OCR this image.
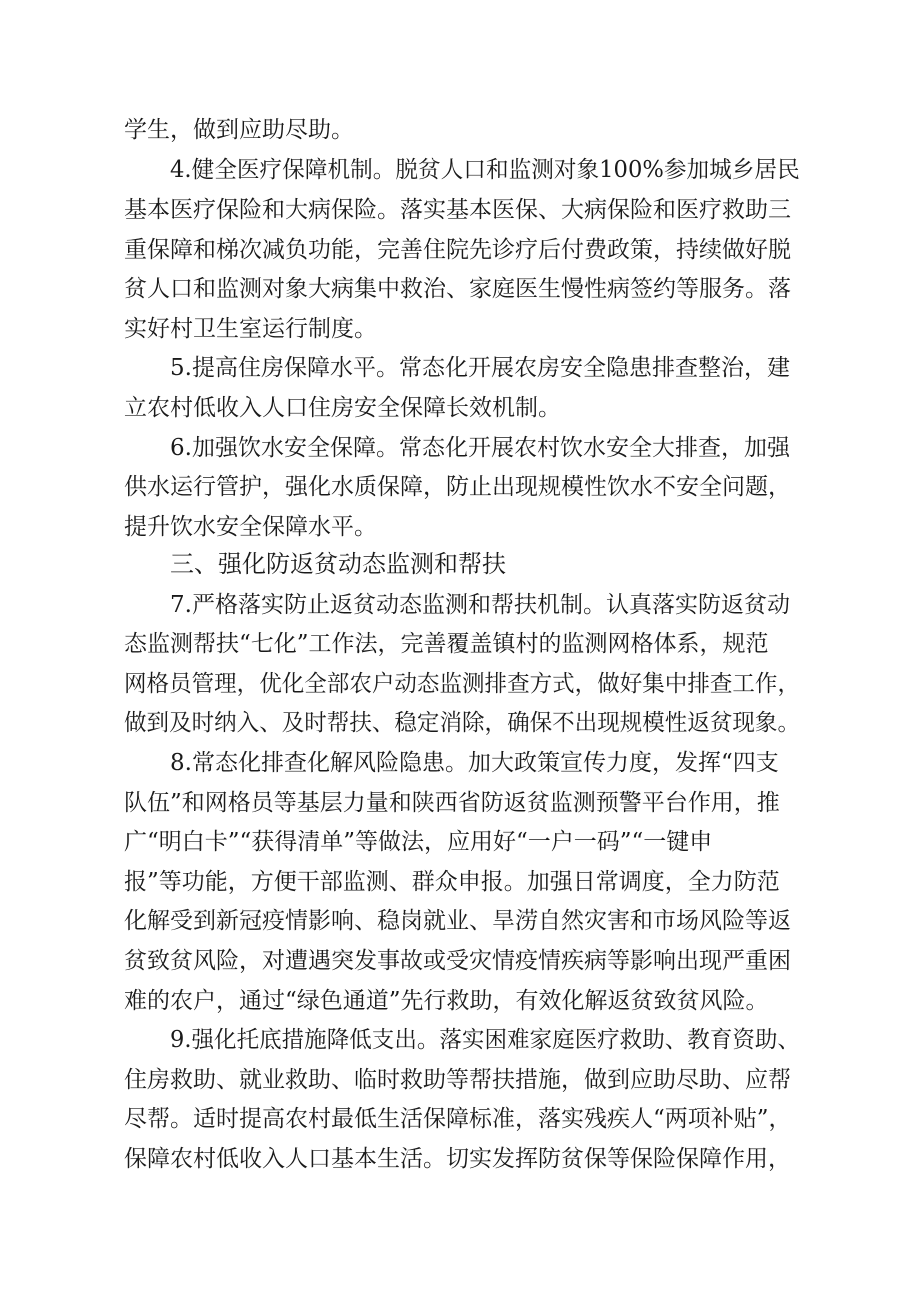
学生，做到应助尽助。
4.健全医疗保障机制。脱贫人口和监测对象100%参加城乡居民
基本医疗保险和大病保险。落实基本医保、大病保险和医疗救助三
重保障和梯次减负功能，完善住院先诊疗后付费政策，持续做好脱
贫人口和监测对象大病集中救治、家庭医生慢性病签约等服务。落
实好村卫生室运行制度。
5.提高住房保障水平。常态化开展农房安全隐患排查整治，建
立农村低收入人口住房安全保障长效机制。
6.加强饮水安全保障。常态化开展农村饮水安全大排查，加强
供水运行管护，强化水质保障，防止出现规模性饮水不安全问题，
提升饮水安全保障水平。
三、强化防返贫动态监测和帮扶
7.严格落实防止返贫动态监测和帮扶机制。认真落实防返贫动
态监测帮扶“七化”工作法，完善覆盖镇村的监测网格体系，规范
网格员管理，优化全部农户动态监测排查方式，做好集中排查工作，
做到及时纳入、及时帮扶、稳定消除，确保不出现规模性返贫现象。
8.常态化排查化解风险隐患。加大政策宣传力度，发挥“四支
队伍”和网格员等基层力量和陕西省防返贫监测预警平台作用，推
广“明白卡”“获得清单”等做法，应用好“一户一码”“一键申
报”等功能，方便干部监测、群众申报。加强日常调度，全力防范
化解受到新冠疫情影响、稳岗就业、旱涝自然灾害和市场风险等返
贫致贫风险，对遭遇突发事故或受灾情疫情疾病等影响出现严重困
难的农户，通过“绿色通道”先行救助，有效化解返贫致贫风险。
9.强化托底措施降低支出。落实困难家庭医疗救助、教育资助、
住房救助、就业救助、临时救助等帮扶措施，做到应助尽助、应帮
尽帮。适时提高农村最低生活保障标准，落实残疾人“两项补贴”，
保障农村低收入人口基本生活。切实发挥防贫保等保险保障作用，
